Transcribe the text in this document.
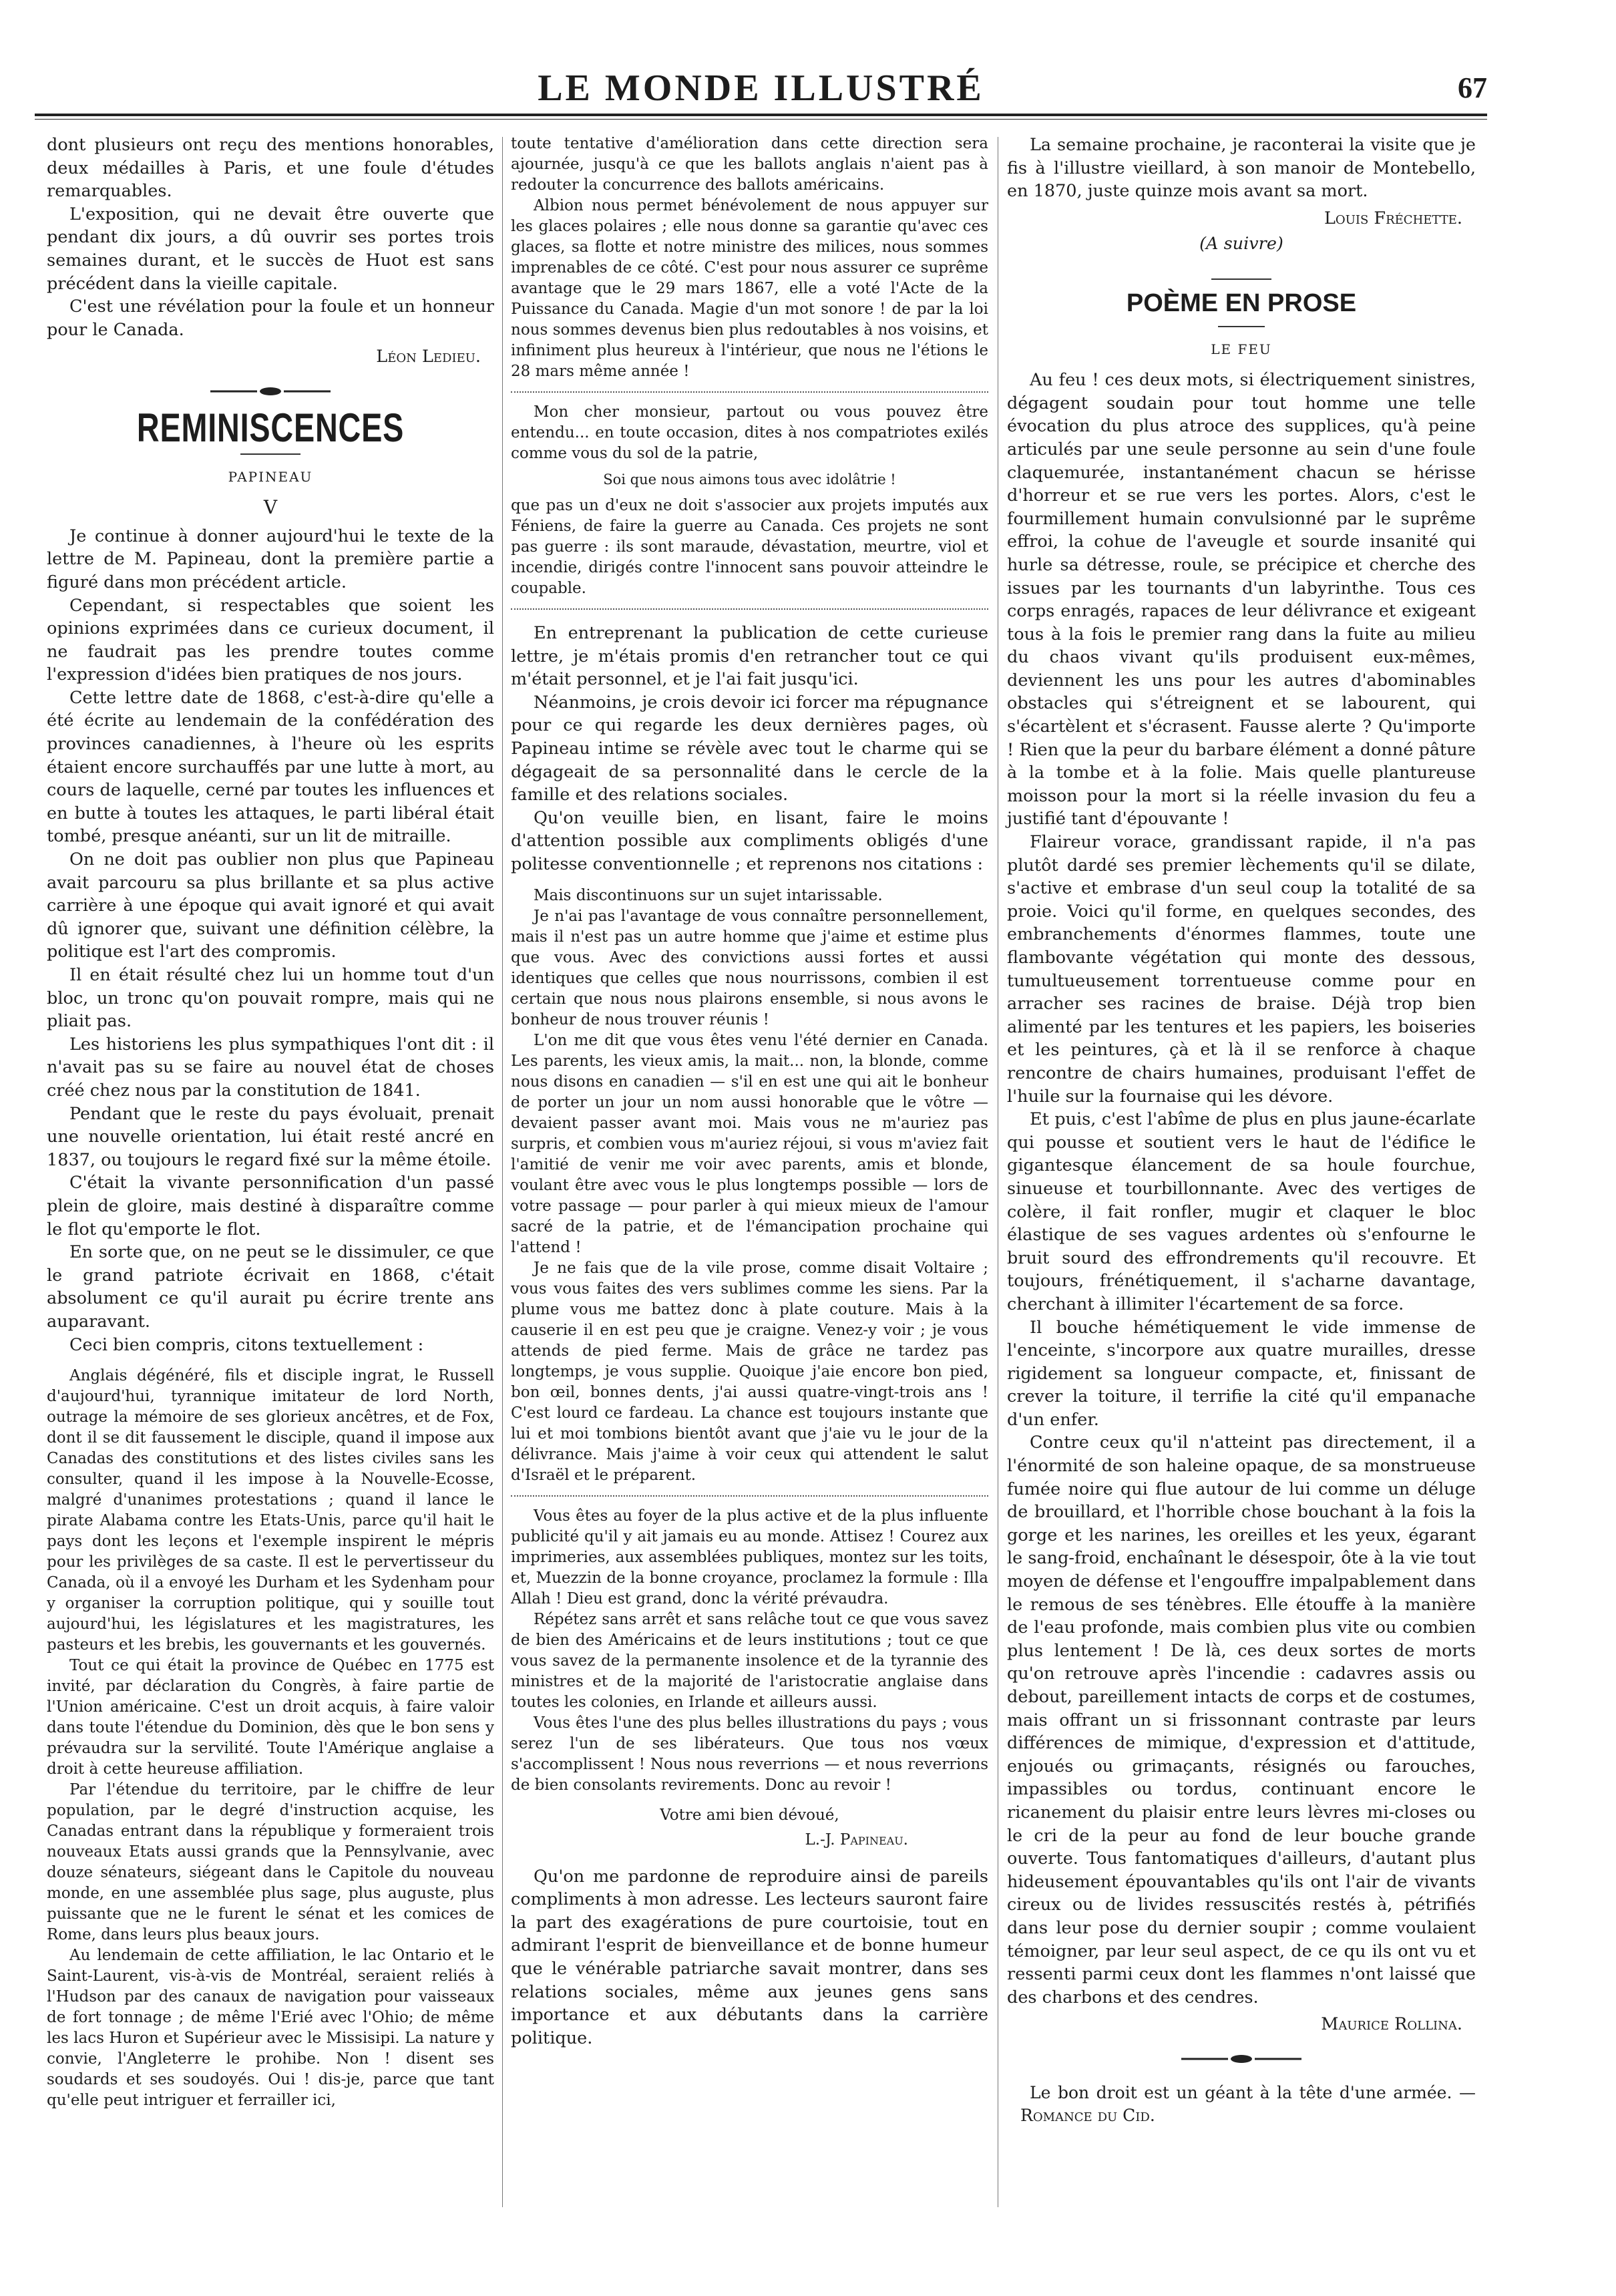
LE MONDE ILLUSTRÉ	67

dont plusieurs ont reçu des mentions honorables, deux médailles à Paris, et une foule d'études remarquables.

L'exposition, qui ne devait être ouverte que pendant dix jours, a dû ouvrir ses portes trois semaines durant, et le succès de Huot est sans précédent dans la vieille capitale.

C'est une révélation pour la foule et un honneur pour le Canada.

Léon Ledieu.
REMINISCENCES
PAPINEAU
V

Je continue à donner aujourd'hui le texte de la lettre de M. Papineau, dont la première partie a figuré dans mon précédent article.

Cependant, si respectables que soient les opinions exprimées dans ce curieux document, il ne faudrait pas les prendre toutes comme l'expression d'idées bien pratiques de nos jours.

Cette lettre date de 1868, c'est-à-dire qu'elle a été écrite au lendemain de la confédération des provinces canadiennes, à l'heure où les esprits étaient encore surchauffés par une lutte à mort, au cours de laquelle, cerné par toutes les influences et en butte à toutes les attaques, le parti libéral était tombé, presque anéanti, sur un lit de mitraille.

On ne doit pas oublier non plus que Papineau avait parcouru sa plus brillante et sa plus active carrière à une époque qui avait ignoré et qui avait dû ignorer que, suivant une définition célèbre, la politique est l'art des compromis.

Il en était résulté chez lui un homme tout d'un bloc, un tronc qu'on pouvait rompre, mais qui ne pliait pas.

Les historiens les plus sympathiques l'ont dit : il n'avait pas su se faire au nouvel état de choses créé chez nous par la constitution de 1841.

Pendant que le reste du pays évoluait, prenait une nouvelle orientation, lui était resté ancré en 1837, ou toujours le regard fixé sur la même étoile.

C'était la vivante personnification d'un passé plein de gloire, mais destiné à disparaître comme le flot qu'emporte le flot.

En sorte que, on ne peut se le dissimuler, ce que le grand patriote écrivait en 1868, c'était absolument ce qu'il aurait pu écrire trente ans auparavant.

Ceci bien compris, citons textuellement :

Anglais dégénéré, fils et disciple ingrat, le Russell d'aujourd'hui, tyrannique imitateur de lord North, outrage la mémoire de ses glorieux ancêtres, et de Fox, dont il se dit faussement le disciple, quand il impose aux Canadas des constitutions et des listes civiles sans les consulter, quand il les impose à la Nouvelle-Ecosse, malgré d'unanimes protestations ; quand il lance le pirate Alabama contre les Etats-Unis, parce qu'il hait le pays dont les leçons et l'exemple inspirent le mépris pour les privilèges de sa caste. Il est le pervertisseur du Canada, où il a envoyé les Durham et les Sydenham pour y organiser la corruption politique, qui y souille tout aujourd'hui, les législatures et les magistratures, les pasteurs et les brebis, les gouvernants et les gouvernés.

Tout ce qui était la province de Québec en 1775 est invité, par déclaration du Congrès, à faire partie de l'Union américaine. C'est un droit acquis, à faire valoir dans toute l'étendue du Dominion, dès que le bon sens y prévaudra sur la servilité. Toute l'Amérique anglaise a droit à cette heureuse affiliation.

Par l'étendue du territoire, par le chiffre de leur population, par le degré d'instruction acquise, les Canadas entrant dans la république y formeraient trois nouveaux Etats aussi grands que la Pennsylvanie, avec douze sénateurs, siégeant dans le Capitole du nouveau monde, en une assemblée plus sage, plus auguste, plus puissante que ne le furent le sénat et les comices de Rome, dans leurs plus beaux jours.

Au lendemain de cette affiliation, le lac Ontario et le Saint-Laurent, vis-à-vis de Montréal, seraient reliés à l'Hudson par des canaux de navigation pour vaisseaux de fort tonnage ; de même l'Erié avec l'Ohio; de même les lacs Huron et Supérieur avec le Missisipi. La nature y convie, l'Angleterre le prohibe. Non ! disent ses soudards et ses soudoyés. Oui ! dis-je, parce que tant qu'elle peut intriguer et ferrailler ici,

toute tentative d'amélioration dans cette direction sera ajournée, jusqu'à ce que les ballots anglais n'aient pas à redouter la concurrence des ballots américains.

Albion nous permet bénévolement de nous appuyer sur les glaces polaires ; elle nous donne sa garantie qu'avec ces glaces, sa flotte et notre ministre des milices, nous sommes imprenables de ce côté. C'est pour nous assurer ce suprême avantage que le 29 mars 1867, elle a voté l'Acte de la Puissance du Canada. Magie d'un mot sonore ! de par la loi nous sommes devenus bien plus redoutables à nos voisins, et infiniment plus heureux à l'intérieur, que nous ne l'étions le 28 mars même année !

Mon cher monsieur, partout ou vous pouvez être entendu... en toute occasion, dites à nos compatriotes exilés comme vous du sol de la patrie,

Soi que nous aimons tous avec idolâtrie !

que pas un d'eux ne doit s'associer aux projets imputés aux Féniens, de faire la guerre au Canada. Ces projets ne sont pas guerre : ils sont maraude, dévastation, meurtre, viol et incendie, dirigés contre l'innocent sans pouvoir atteindre le coupable.

En entreprenant la publication de cette curieuse lettre, je m'étais promis d'en retrancher tout ce qui m'était personnel, et je l'ai fait jusqu'ici.

Néanmoins, je crois devoir ici forcer ma répugnance pour ce qui regarde les deux dernières pages, où Papineau intime se révèle avec tout le charme qui se dégageait de sa personnalité dans le cercle de la famille et des relations sociales.

Qu'on veuille bien, en lisant, faire le moins d'attention possible aux compliments obligés d'une politesse conventionnelle ; et reprenons nos citations :

Mais discontinuons sur un sujet intarissable.

Je n'ai pas l'avantage de vous connaître personnellement, mais il n'est pas un autre homme que j'aime et estime plus que vous. Avec des convictions aussi fortes et aussi identiques que celles que nous nourrissons, combien il est certain que nous nous plairons ensemble, si nous avons le bonheur de nous trouver réunis !

L'on me dit que vous êtes venu l'été dernier en Canada. Les parents, les vieux amis, la mait... non, la blonde, comme nous disons en canadien — s'il en est une qui ait le bonheur de porter un jour un nom aussi honorable que le vôtre — devaient passer avant moi. Mais vous ne m'auriez pas surpris, et combien vous m'auriez réjoui, si vous m'aviez fait l'amitié de venir me voir avec parents, amis et blonde, voulant être avec vous le plus longtemps possible — lors de votre passage — pour parler à qui mieux mieux de l'amour sacré de la patrie, et de l'émancipation prochaine qui l'attend !

Je ne fais que de la vile prose, comme disait Voltaire ; vous vous faites des vers sublimes comme les siens. Par la plume vous me battez donc à plate couture. Mais à la causerie il en est peu que je craigne. Venez-y voir ; je vous attends de pied ferme. Mais de grâce ne tardez pas longtemps, je vous supplie. Quoique j'aie encore bon pied, bon œil, bonnes dents, j'ai aussi quatre-vingt-trois ans ! C'est lourd ce fardeau. La chance est toujours instante que lui et moi tombions bientôt avant que j'aie vu le jour de la délivrance. Mais j'aime à voir ceux qui attendent le salut d'Israël et le préparent.

Vous êtes au foyer de la plus active et de la plus influente publicité qu'il y ait jamais eu au monde. Attisez ! Courez aux imprimeries, aux assemblées publiques, montez sur les toits, et, Muezzin de la bonne croyance, proclamez la formule : Illa Allah ! Dieu est grand, donc la vérité prévaudra.

Répétez sans arrêt et sans relâche tout ce que vous savez de bien des Américains et de leurs institutions ; tout ce que vous savez de la permanente insolence et de la tyrannie des ministres et de la majorité de l'aristocratie anglaise dans toutes les colonies, en Irlande et ailleurs aussi.

Vous êtes l'une des plus belles illustrations du pays ; vous serez l'un de ses libérateurs. Que tous nos vœux s'accomplissent ! Nous nous reverrions — et nous reverrions de bien consolants revirements. Donc au revoir !

Votre ami bien dévoué,
L.-J. Papineau.

Qu'on me pardonne de reproduire ainsi de pareils compliments à mon adresse. Les lecteurs sauront faire la part des exagérations de pure courtoisie, tout en admirant l'esprit de bienveillance et de bonne humeur que le vénérable patriarche savait montrer, dans ses relations sociales, même aux jeunes gens sans importance et aux débutants dans la carrière politique.

La semaine prochaine, je raconterai la visite que je fis à l'illustre vieillard, à son manoir de Montebello, en 1870, juste quinze mois avant sa mort.

Louis Fréchette.
(A suivre)
POÈME EN PROSE
LE FEU

Au feu ! ces deux mots, si électriquement sinistres, dégagent soudain pour tout homme une telle évocation du plus atroce des supplices, qu'à peine articulés par une seule personne au sein d'une foule claquemurée, instantanément chacun se hérisse d'horreur et se rue vers les portes. Alors, c'est le fourmillement humain convulsionné par le suprême effroi, la cohue de l'aveugle et sourde insanité qui hurle sa détresse, roule, se précipice et cherche des issues par les tournants d'un labyrinthe. Tous ces corps enragés, rapaces de leur délivrance et exigeant tous à la fois le premier rang dans la fuite au milieu du chaos vivant qu'ils produisent eux-mêmes, deviennent les uns pour les autres d'abominables obstacles qui s'étreignent et se labourent, qui s'écartèlent et s'écrasent. Fausse alerte ? Qu'importe ! Rien que la peur du barbare élément a donné pâture à la tombe et à la folie. Mais quelle plantureuse moisson pour la mort si la réelle invasion du feu a justifié tant d'épouvante !

Flaireur vorace, grandissant rapide, il n'a pas plutôt dardé ses premier lèchements qu'il se dilate, s'active et embrase d'un seul coup la totalité de sa proie. Voici qu'il forme, en quelques secondes, des embranchements d'énormes flammes, toute une flambovante végétation qui monte des dessous, tumultueusement torrentueuse comme pour en arracher ses racines de braise. Déjà trop bien alimenté par les tentures et les papiers, les boiseries et les peintures, çà et là il se renforce à chaque rencontre de chairs humaines, produisant l'effet de l'huile sur la fournaise qui les dévore.

Et puis, c'est l'abîme de plus en plus jaune-écarlate qui pousse et soutient vers le haut de l'édifice le gigantesque élancement de sa houle fourchue, sinueuse et tourbillonnante. Avec des vertiges de colère, il fait ronfler, mugir et claquer le bloc élastique de ses vagues ardentes où s'enfourne le bruit sourd des effrondrements qu'il recouvre. Et toujours, frénétiquement, il s'acharne davantage, cherchant à illimiter l'écartement de sa force.

Il bouche hémétiquement le vide immense de l'enceinte, s'incorpore aux quatre murailles, dresse rigidement sa longueur compacte, et, finissant de crever la toiture, il terrifie la cité qu'il empanache d'un enfer.

Contre ceux qu'il n'atteint pas directement, il a l'énormité de son haleine opaque, de sa monstrueuse fumée noire qui flue autour de lui comme un déluge de brouillard, et l'horrible chose bouchant à la fois la gorge et les narines, les oreilles et les yeux, égarant le sang-froid, enchaînant le désespoir, ôte à la vie tout moyen de défense et l'engouffre impalpablement dans le remous de ses ténèbres. Elle étouffe à la manière de l'eau profonde, mais combien plus vite ou combien plus lentement ! De là, ces deux sortes de morts qu'on retrouve après l'incendie : cadavres assis ou debout, pareillement intacts de corps et de costumes, mais offrant un si frissonnant contraste par leurs différences de mimique, d'expression et d'attitude, enjoués ou grimaçants, résignés ou farouches, impassibles ou tordus, continuant encore le ricanement du plaisir entre leurs lèvres mi-closes ou le cri de la peur au fond de leur bouche grande ouverte. Tous fantomatiques d'ailleurs, d'autant plus hideusement épouvantables qu'ils ont l'air de vivants cireux ou de livides ressuscités restés à, pétrifiés dans leur pose du dernier soupir ; comme voulaient témoigner, par leur seul aspect, de ce qu ils ont vu et ressenti parmi ceux dont les flammes n'ont laissé que des charbons et des cendres.

Maurice Rollina.
Le bon droit est un géant à la tête d'une armée. — Romance du Cid.
